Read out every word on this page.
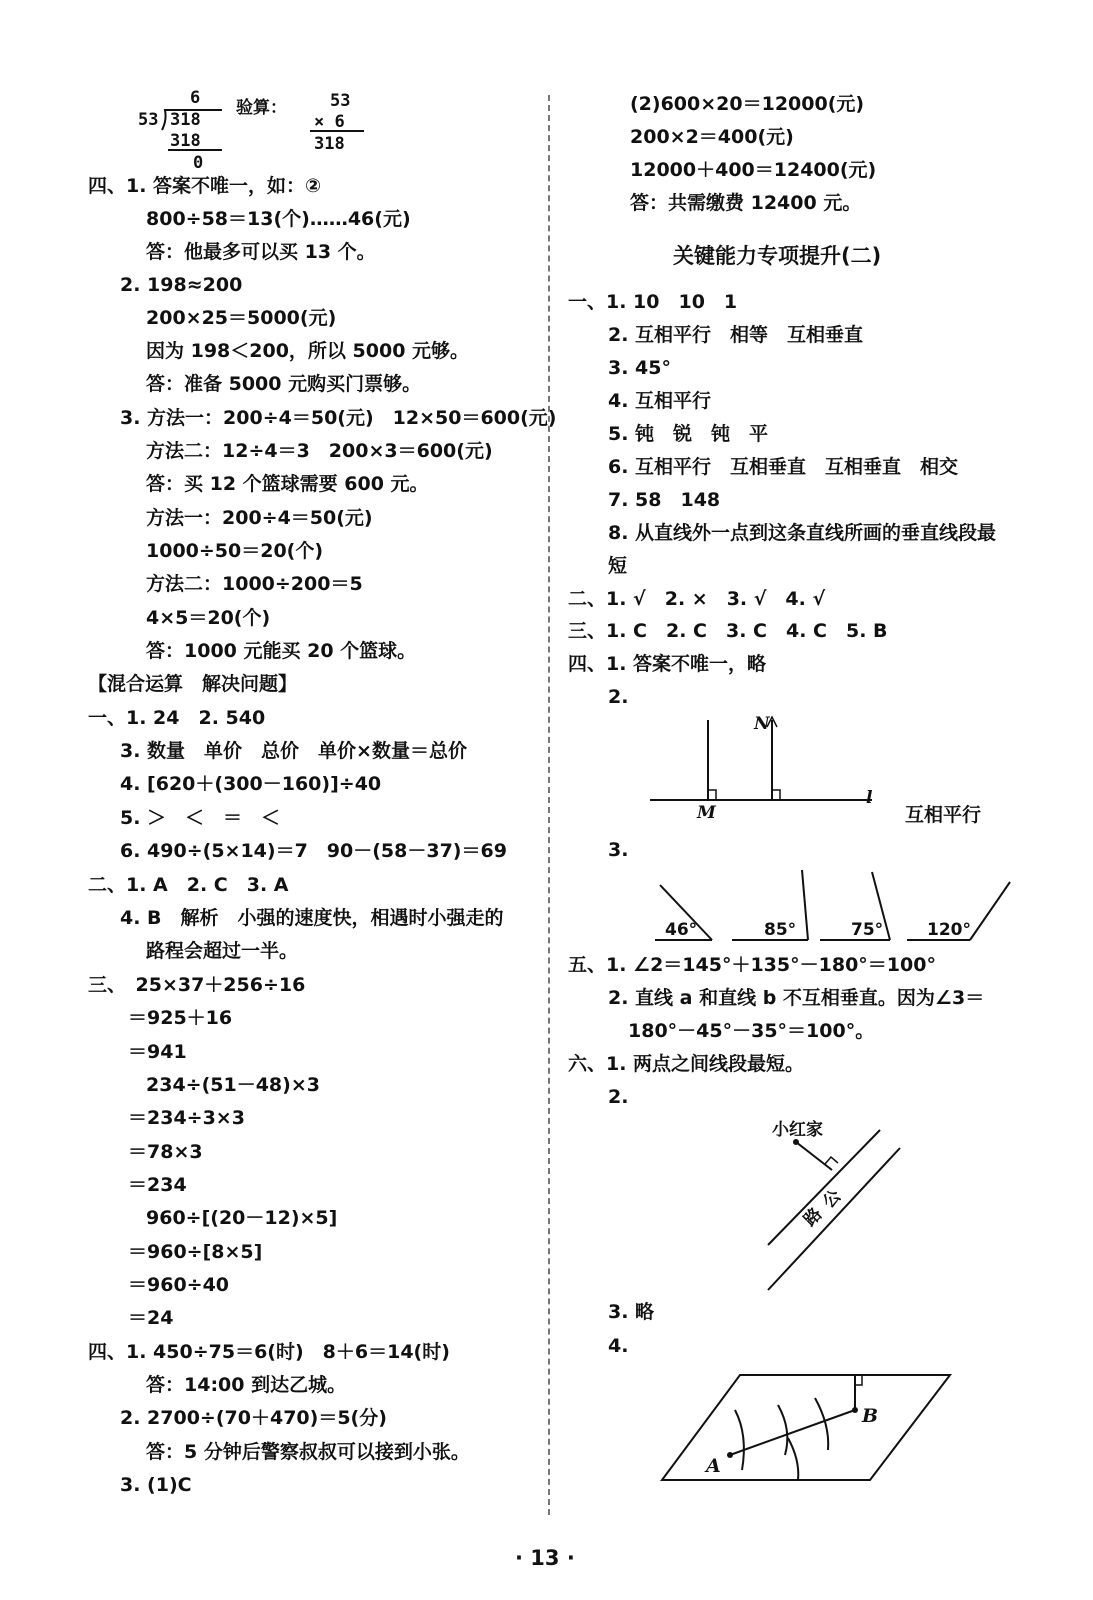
6
53 318
318
0
验算：	53
× 6
318
四、1. 答案不唯一，如：②
800÷58＝13(个)……46(元)
答：他最多可以买 13 个。
2. 198≈200
200×25＝5000(元)
因为 198＜200，所以 5000 元够。
答：准备 5000 元购买门票够。
3. 方法一：200÷4＝50(元)　12×50＝600(元)
方法二：12÷4＝3　200×3＝600(元)
答：买 12 个篮球需要 600 元。
方法一：200÷4＝50(元)
1000÷50＝20(个)
方法二：1000÷200＝5
4×5＝20(个)
答：1000 元能买 20 个篮球。
【混合运算　解决问题】
一、1. 24　2. 540
3. 数量　单价　总价　单价×数量＝总价
4. [620＋(300－160)]÷40
5. ＞　＜　＝　＜
6. 490÷(5×14)＝7　90－(58－37)＝69
二、1. A　2. C　3. A
4. B　解析　小强的速度快，相遇时小强走的
路程会超过一半。
三、　25×37＋256÷16
＝925＋16
＝941
234÷(51－48)×3
＝234÷3×3
＝78×3
＝234
960÷[(20－12)×5]
＝960÷[8×5]
＝960÷40
＝24
四、1. 450÷75＝6(时)　8＋6＝14(时)
答：14:00 到达乙城。
2. 2700÷(70＋470)＝5(分)
答：5 分钟后警察叔叔可以接到小张。
3. (1)C
(2)600×20＝12000(元)
200×2＝400(元)
12000＋400＝12400(元)
答：共需缴费 12400 元。
关键能力专项提升(二)
一、1. 10　10　1
2. 互相平行　相等　互相垂直
3. 45°
4. 互相平行
5. 钝　锐　钝　平
6. 互相平行　互相垂直　互相垂直　相交
7. 58　148
8. 从直线外一点到这条直线所画的垂直线段最
短
二、1. √　2. ×　3. √　4. √
三、1. C　2. C　3. C　4. C　5. B
四、1. 答案不唯一，略
2.
3.
五、1. ∠2＝145°＋135°－180°＝100°
2. 直线 a 和直线 b 不互相垂直。因为∠3＝
180°－45°－35°＝100°。
六、1. 两点之间线段最短。
2.
3. 略
4.
N
M
l
互相平行
46°	85°	75°	120°
小红家
公
路
B
A
· 13 ·
